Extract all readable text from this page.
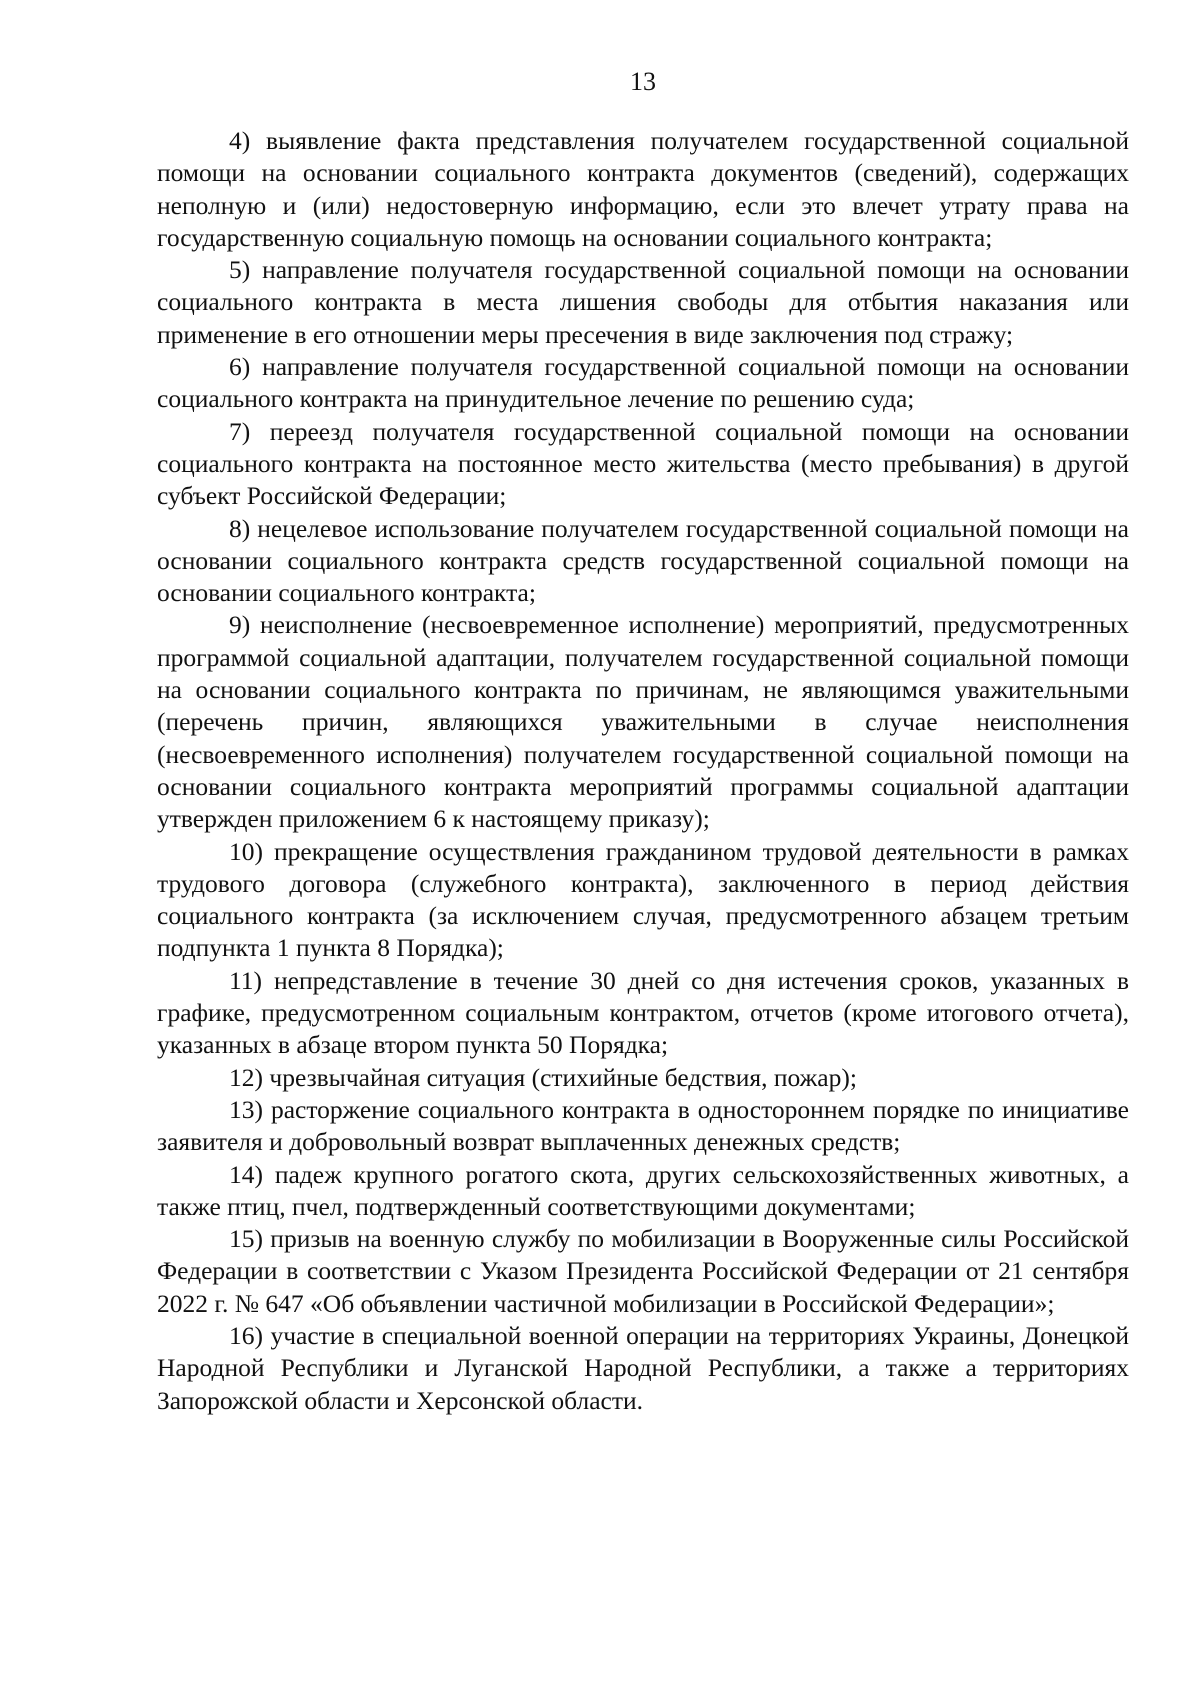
13

4) выявление факта представления получателем государственной социальной помощи на основании социального контракта документов (сведений), содержащих неполную и (или) недостоверную информацию, если это влечет утрату права на государственную социальную помощь на основании социального контракта;

5) направление получателя государственной социальной помощи на основании социального контракта в места лишения свободы для отбытия наказания или применение в его отношении меры пресечения в виде заключения под стражу;

6) направление получателя государственной социальной помощи на основании социального контракта на принудительное лечение по решению суда;

7) переезд получателя государственной социальной помощи на основании социального контракта на постоянное место жительства (место пребывания) в другой субъект Российской Федерации;

8) нецелевое использование получателем государственной социальной помощи на основании социального контракта средств государственной социальной помощи на основании социального контракта;

9) неисполнение (несвоевременное исполнение) мероприятий, предусмотренных программой социальной адаптации, получателем государственной социальной помощи на основании социального контракта по причинам, не являющимся уважительными (перечень причин, являющихся уважительными в случае неисполнения (несвоевременного исполнения) получателем государственной социальной помощи на основании социального контракта мероприятий программы социальной адаптации утвержден приложением 6 к настоящему приказу);

10) прекращение осуществления гражданином трудовой деятельности в рамках трудового договора (служебного контракта), заключенного в период действия социального контракта (за исключением случая, предусмотренного абзацем третьим подпункта 1 пункта 8 Порядка);

11) непредставление в течение 30 дней со дня истечения сроков, указанных в графике, предусмотренном социальным контрактом, отчетов (кроме итогового отчета), указанных в абзаце втором пункта 50 Порядка;

12) чрезвычайная ситуация (стихийные бедствия, пожар);

13) расторжение социального контракта в одностороннем порядке по инициативе заявителя и добровольный возврат выплаченных денежных средств;

14) падеж крупного рогатого скота, других сельскохозяйственных животных, а также птиц, пчел, подтвержденный соответствующими документами;

15) призыв на военную службу по мобилизации в Вооруженные силы Российской Федерации в соответствии с Указом Президента Российской Федерации от 21 сентября 2022 г. № 647 «Об объявлении частичной мобилизации в Российской Федерации»;

16) участие в специальной военной операции на территориях Украины, Донецкой Народной Республики и Луганской Народной Республики, а также а территориях Запорожской области и Херсонской области.
